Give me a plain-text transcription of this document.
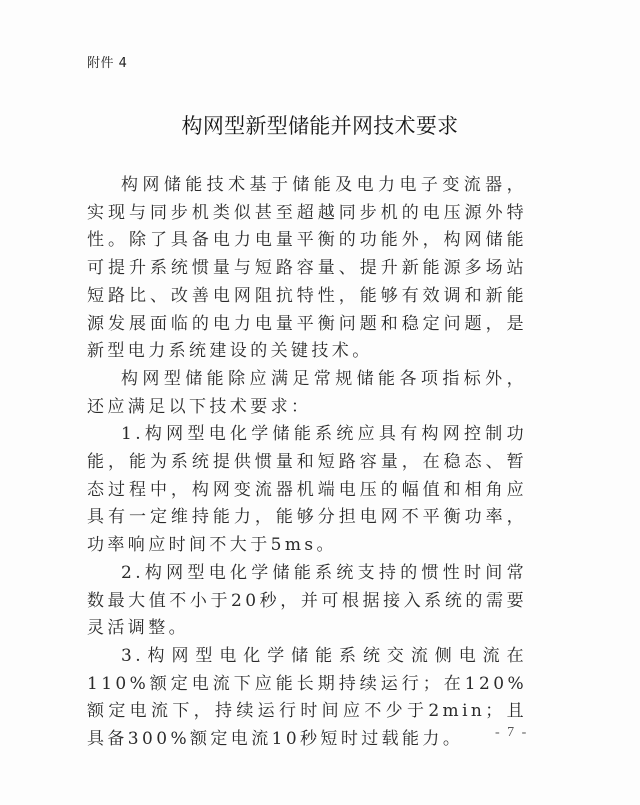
附件 4
构网型新型储能并网技术要求

构网储能技术基于储能及电力电子变流器，实现与同步机类似甚至超越同步机的电压源外特性。除了具备电力电量平衡的功能外，构网储能可提升系统惯量与短路容量、提升新能源多场站短路比、改善电网阻抗特性，能够有效调和新能源发展面临的电力电量平衡问题和稳定问题，是新型电力系统建设的关键技术。

构网型储能除应满足常规储能各项指标外，还应满足以下技术要求：

1.构网型电化学储能系统应具有构网控制功能，能为系统提供惯量和短路容量，在稳态、暂态过程中，构网变流器机端电压的幅值和相角应具有一定维持能力，能够分担电网不平衡功率，功率响应时间不大于5ms。

2.构网型电化学储能系统支持的惯性时间常数最大值不小于20秒，并可根据接入系统的需要灵活调整。

3.构网型电化学储能系统交流侧电流在110%额定电流下应能长期持续运行；在120%额定电流下，持续运行时间应不少于2min；且具备300%额定电流10秒短时过载能力。	- 7 -
